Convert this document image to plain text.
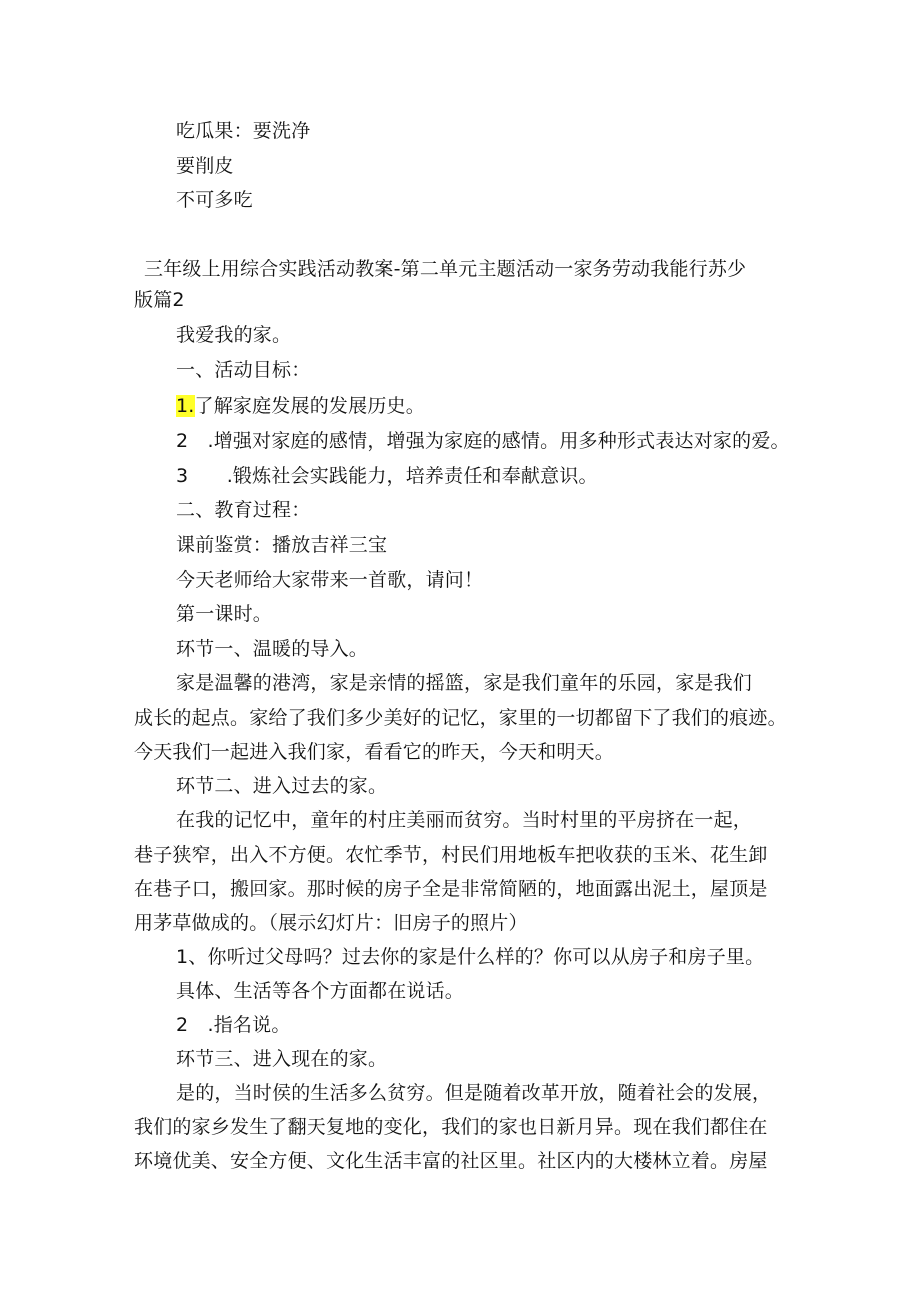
吃瓜果：要洗净
要削皮
不可多吃
三年级上用综合实践活动教案-第二单元主题活动一家务劳动我能行苏少
版篇2
我爱我的家。
一、活动目标：
1.了解家庭发展的发展历史。
2　.增强对家庭的感情，增强为家庭的感情。用多种形式表达对家的爱。
3　　.锻炼社会实践能力，培养责任和奉献意识。
二、教育过程：
课前鉴赏：播放吉祥三宝
今天老师给大家带来一首歌，请问！
第一课时。
环节一、温暖的导入。
家是温馨的港湾，家是亲情的摇篮，家是我们童年的乐园，家是我们
成长的起点。家给了我们多少美好的记忆，家里的一切都留下了我们的痕迹。
今天我们一起进入我们家，看看它的昨天，今天和明天。
环节二、进入过去的家。
在我的记忆中，童年的村庄美丽而贫穷。当时村里的平房挤在一起，
巷子狭窄，出入不方便。农忙季节，村民们用地板车把收获的玉米、花生卸
在巷子口，搬回家。那时候的房子全是非常简陋的，地面露出泥土，屋顶是
用茅草做成的。（展示幻灯片：旧房子的照片）
1、你听过父母吗？过去你的家是什么样的？你可以从房子和房子里。
具体、生活等各个方面都在说话。
2　.指名说。
环节三、进入现在的家。
是的，当时侯的生活多么贫穷。但是随着改革开放，随着社会的发展，
我们的家乡发生了翻天复地的变化，我们的家也日新月异。现在我们都住在
环境优美、安全方便、文化生活丰富的社区里。社区内的大楼林立着。房屋
